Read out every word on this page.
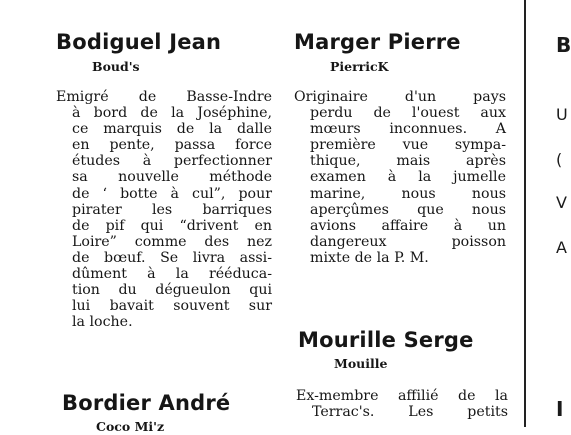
Bodiguel Jean
Boud's
Emigré de Basse-Indre
à bord de la Joséphine,
ce marquis de la dalle
en pente, passa force
études à perfectionner
sa nouvelle méthode
de ‘ botte à cul”, pour
pirater les barriques
de pif qui “drivent en
Loire” comme des nez
de bœuf. Se livra assi-
dûment à la rééduca-
tion du dégueulon qui
lui bavait souvent sur
la loche.
Bordier André
Coco Mi'z
Marger Pierre
PierricK
Originaire d'un pays
perdu de l'ouest aux
mœurs inconnues. A
première vue sympa-
thique, mais après
examen à la jumelle
marine, nous nous
aperçûmes que nous
avions affaire à un
dangereux poisson
mixte de la P. M.
Mourille Serge
Mouille
Ex-membre affilié de la
Terrac's. Les petits
B
U
(
V
A
I
